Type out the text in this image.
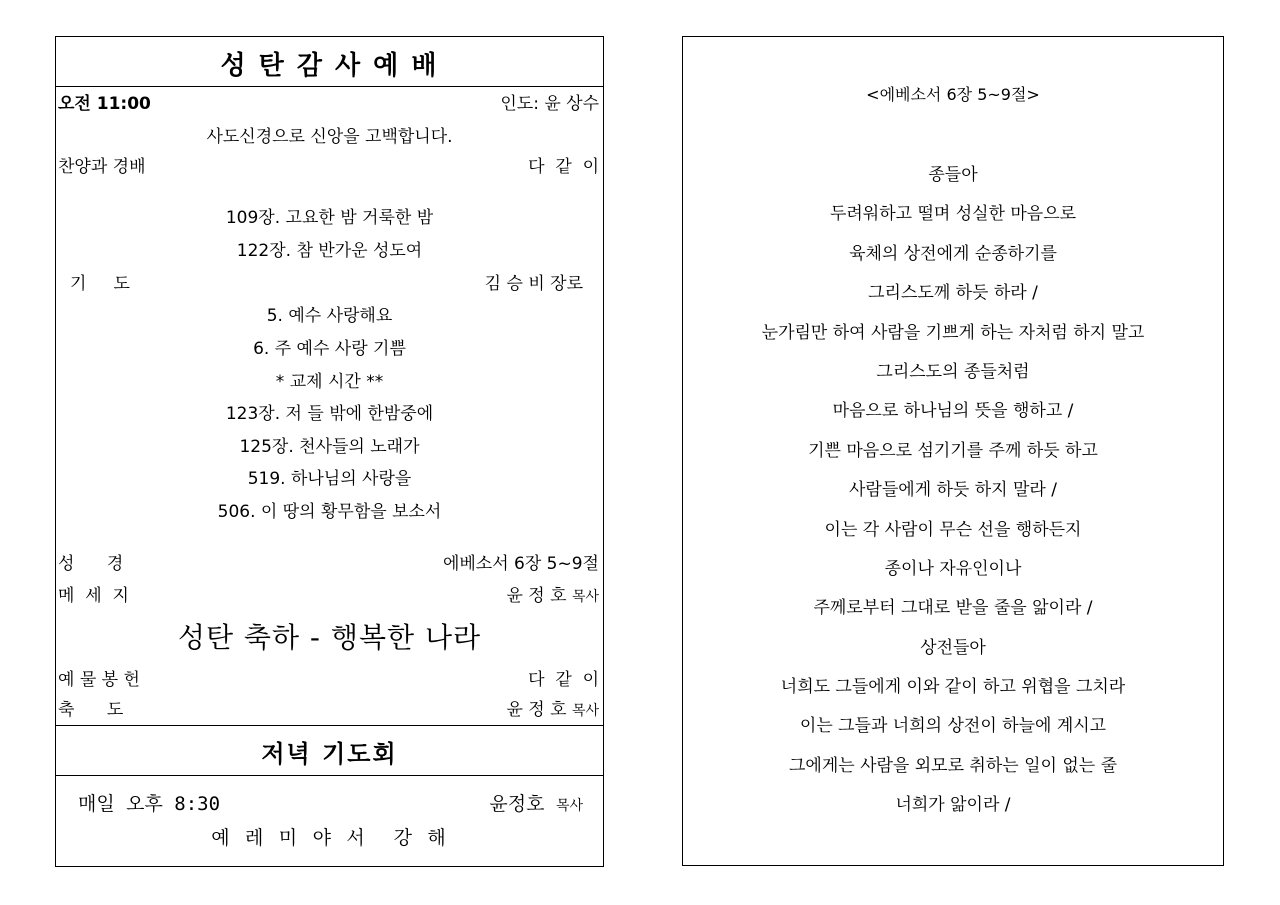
성 탄 감 사 예 배
오전 11:00	인도: 윤 상수
사도신경으로 신앙을 고백합니다.
찬양과 경배	다  같  이
109장. 고요한 밤 거룩한 밤
122장. 참 반가운 성도여
기     도	김 승 비 장로
5. 예수 사랑해요
6. 주 예수 사랑 기쁨
* 교제 시간 **
123장. 저 들 밖에 한밤중에
125장. 천사들의 노래가
519. 하나님의 사랑을
506. 이 땅의 황무함을 보소서
성      경	에베소서 6장 5~9절
메  세  지	윤 정 호 목사
성탄 축하 - 행복한 나라
예 물 봉 헌	다  같  이
축      도	윤 정 호 목사
저녁 기도회
매일 오후 8:30	윤정호 목사
예 레 미 야 서  강 해
<에베소서 6장 5~9절>
종들아
두려워하고 떨며 성실한 마음으로
육체의 상전에게 순종하기를
그리스도께 하듯 하라 /
눈가림만 하여 사람을 기쁘게 하는 자처럼 하지 말고
그리스도의 종들처럼
마음으로 하나님의 뜻을 행하고 /
기쁜 마음으로 섬기기를 주께 하듯 하고
사람들에게 하듯 하지 말라 /
이는 각 사람이 무슨 선을 행하든지
종이나 자유인이나
주께로부터 그대로 받을 줄을 앎이라 /
상전들아
너희도 그들에게 이와 같이 하고 위협을 그치라
이는 그들과 너희의 상전이 하늘에 계시고
그에게는 사람을 외모로 취하는 일이 없는 줄
너희가 앎이라 /
